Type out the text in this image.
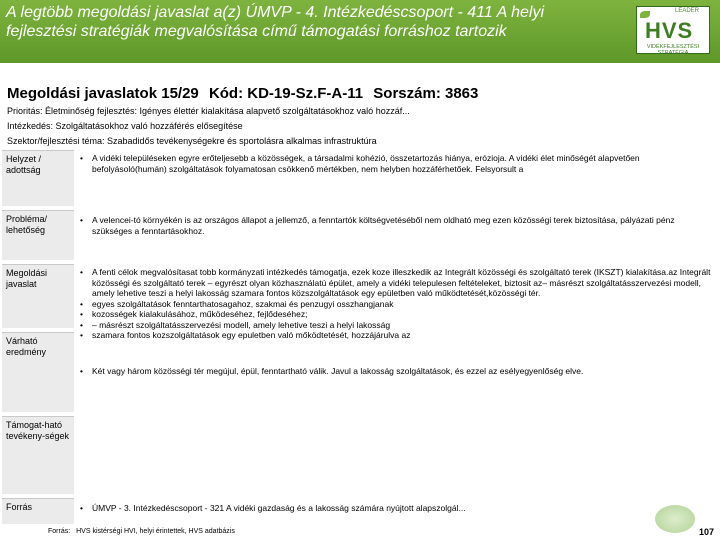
A legtöbb megoldási javaslat a(z) ÚMVP - 4. Intézkedéscsoport - 411 A helyi fejlesztési stratégiák megvalósítása című támogatási forráshoz tartozik
LEADER
HVS
VIDÉKFEJLESZTÉSI STRATÉGIA
Megoldási javaslatok 15/29 Kód: KD-19-Sz.F-A-11 Sorszám: 3863
Prioritás: Életminőség fejlesztés: Igényes élettér kialakítása alapvető szolgáltatásokhoz való hozzáf...
Intézkedés: Szolgáltatásokhoz való hozzáférés elősegítése
Szektor/fejlesztési téma: Szabadidős tevékenységekre és sportolásra alkalmas infrastruktúra
Helyzet / adottság
• A vidéki településeken egyre erőteljesebb a közösségek, a társadalmi kohézió, összetartozás hiánya, erózioja. A vidéki élet minőségét alapvetően befolyásoló(humán) szolgáltatások folyamatosan csökkenő mértékben, nem helyben hozzáférhetőek. Felsyorsult a
Probléma/ lehetőség
• A velencei-tó környékén is az országos állapot a jellemző, a fenntartók költségvetéséből nem oldható meg ezen közösségi terek biztosítása, pályázati pénz szükséges a fenntartásokhoz.
Megoldási javaslat
• A fenti célok megvalósítasat tobb kormányzati intézkedés támogatja, ezek koze illeszkedik az Integrált közösségi és szolgáltató terek (IKSZT) kialakítása.az Integrált közösségi és szolgáltató terek – egyrészt olyan közhasználatú épület, amely a vidéki telepulesen feltételeket, biztosit az– másrészt szolgáltatásszervezési modell, amely lehetive teszi a helyi lakosság szamara fontos közszolgáltatások egy epületben való működtetését,közösségi tér.
• egyes szolgáltatások fenntarthatosagahoz, szakmai és penzugyi osszhangjanak
• kozosségek kialakulásához, működeséhez, fejlődeséhez;
• – másrészt szolgáltatásszervezési modell, amely lehetive teszi a helyi lakosság
• szamara fontos kozszolgáltatások egy epuletben való mőködtetését, hozzájárulva az
Várható eredmény
• Két vagy három közösségi tér megújul, épül, fenntartható válik. Javul a lakosság szolgáltatások, és ezzel az esélyegyenlőség elve.
Támogat-ható tevékeny-ségek
Forrás
•	ÚMVP - 3. Intézkedéscsoport - 321 A vidéki gazdaság és a lakosság számára nyújtott alapszolgál...
Forrás: HVS kistérségi HVI, helyi érintettek, HVS adatbázis	107
